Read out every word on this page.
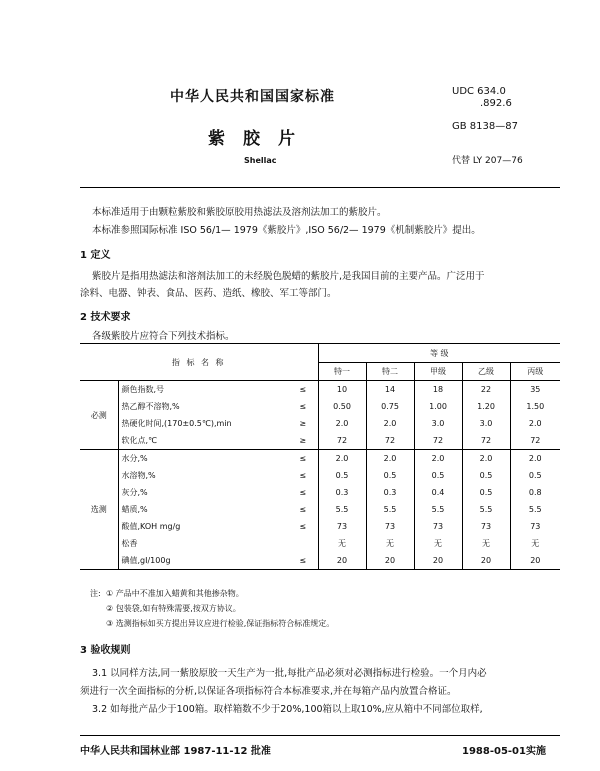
中华人民共和国国家标准	UDC 634.0
.892.6
GB 8138—87
紫胶片
Shellac	代替 LY 207—76
本标准适用于由颗粒紫胶和紫胶原胶用热滤法及溶剂法加工的紫胶片。
本标准参照国际标准 ISO 56/1— 1979《紫胶片》,ISO 56/2— 1979《机制紫胶片》提出。
1 定义
紫胶片是指用热滤法和溶剂法加工的未经脱色脱蜡的紫胶片,是我国目前的主要产品。广泛用于
涂料、电器、钟表、食品、医药、造纸、橡胶、军工等部门。
2 技术要求
各级紫胶片应符合下列技术指标。
指 标 名 称			等 级				
			特一	特二	甲级	乙级	丙级
必测	颜色指数,号	≤	10	14	18	22	35
	热乙醇不溶物,%	≤	0.50	0.75	1.00	1.20	1.50
	热硬化时间,(170±0.5℃),min	≥	2.0	2.0	3.0	3.0	2.0
	软化点,℃	≥	72	72	72	72	72
选测	水分,%	≤	2.0	2.0	2.0	2.0	2.0
	水溶物,%	≤	0.5	0.5	0.5	0.5	0.5
	灰分,%	≤	0.3	0.3	0.4	0.5	0.8
	蜡质,%	≤	5.5	5.5	5.5	5.5	5.5
	酸值,KOH mg/g	≤	73	73	73	73	73
	松香		无	无	无	无	无
	碘值,gI/100g	≤	20	20	20	20	20
注: ① 产品中不准加入蜡黄和其他掺杂物。
② 包装袋,如有特殊需要,按双方协议。
③ 选测指标如买方提出异议应进行检验,保证指标符合标准规定。
3 验收规则
3.1 以同样方法,同一紫胶原胶一天生产为一批,每批产品必须对必测指标进行检验。一个月内必
须进行一次全面指标的分析,以保证各项指标符合本标准要求,并在每箱产品内放置合格证。
3.2 如每批产品少于100箱。取样箱数不少于20%,100箱以上取10%,应从箱中不同部位取样,
中华人民共和国林业部 1987-11-12 批准	1988-05-01实施
